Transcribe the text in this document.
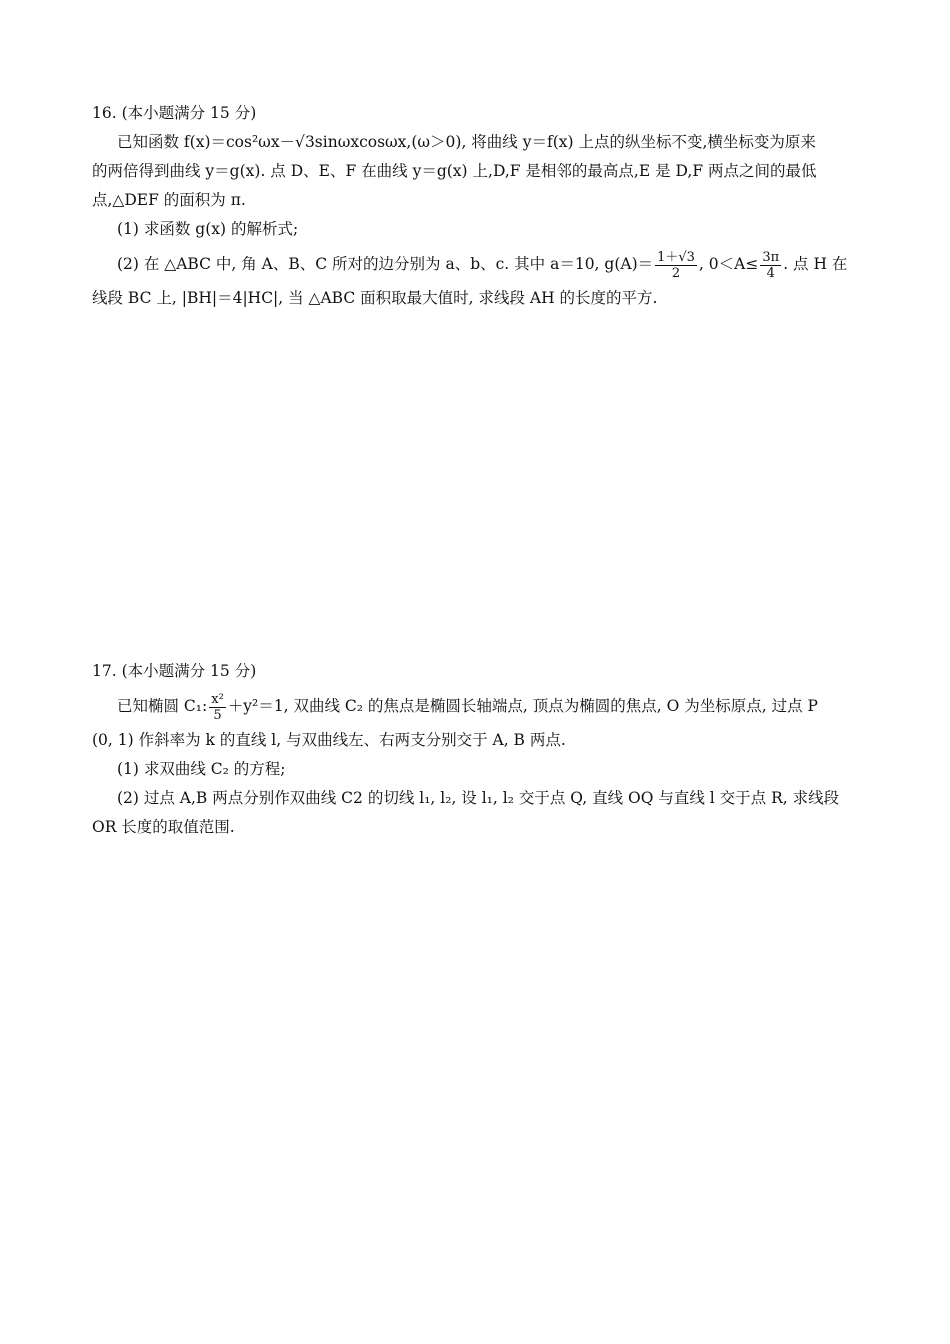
16. (本小题满分 15 分)
已知函数 f(x)＝cos²ωx－√3sinωxcosωx,(ω＞0), 将曲线 y＝f(x) 上点的纵坐标不变,横坐标变为原来
的两倍得到曲线 y＝g(x). 点 D、E、F 在曲线 y＝g(x) 上,D,F 是相邻的最高点,E 是 D,F 两点之间的最低
点,△DEF 的面积为 π.
(1) 求函数 g(x) 的解析式;
(2) 在 △ABC 中, 角 A、B、C 所对的边分别为 a、b、c. 其中 a＝10, $g(A)= \frac{1+√3}{2}$ , $0<A\le \frac{3\pi}{4}$ . 点 H 在
线段 BC 上, |BH|＝4|HC|, 当 △ABC 面积取最大值时, 求线段 AH 的长度的平方.
17. (本小题满分 15 分)
已知椭圆 C₁: $\frac{\text{x²}}{5} +y^2=1$, 双曲线 C₂ 的焦点是椭圆长轴端点, 顶点为椭圆的焦点, O 为坐标原点, 过点 P
(0, 1) 作斜率为 k 的直线 l, 与双曲线左、右两支分别交于 A, B 两点.
(1) 求双曲线 C₂ 的方程;
(2) 过点 A,B 两点分别作双曲线 C2 的切线 l₁, l₂, 设 l₁, l₂ 交于点 Q, 直线 OQ 与直线 l 交于点 R, 求线段
OR 长度的取值范围.
